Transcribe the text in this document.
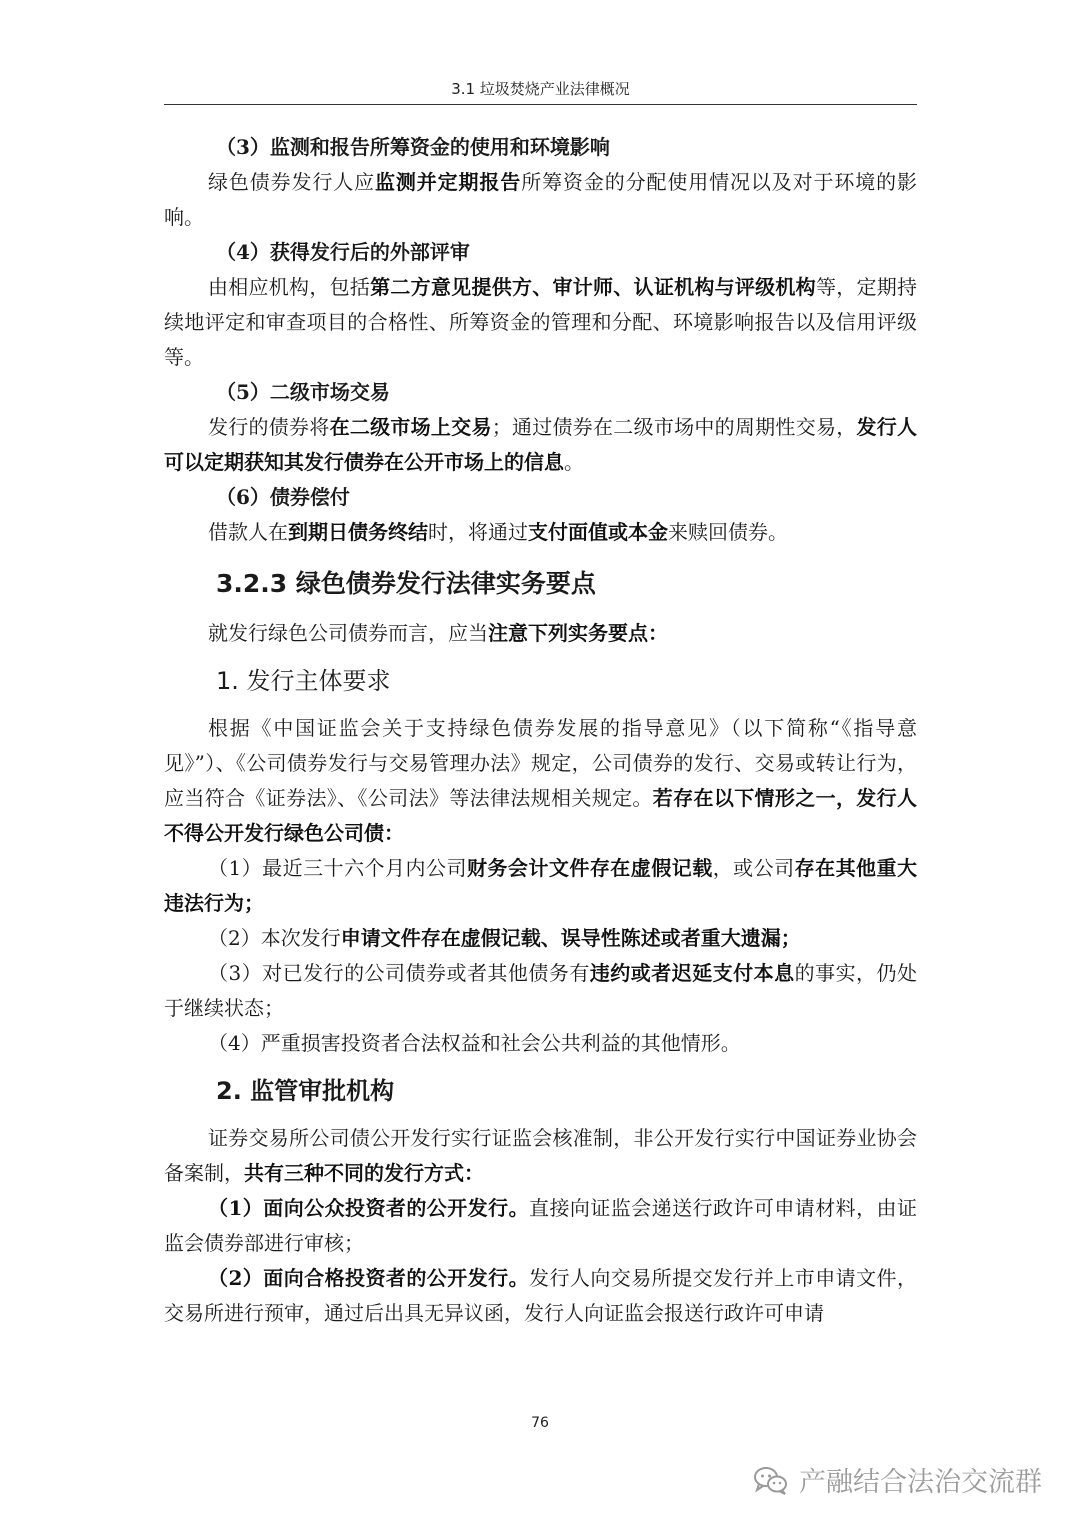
3.1 垃圾焚烧产业法律概况

（3）监测和报告所筹资金的使用和环境影响

绿色债券发行人应监测并定期报告所筹资金的分配使用情况以及对于环境的影响。

（4）获得发行后的外部评审

由相应机构，包括第二方意见提供方、审计师、认证机构与评级机构等，定期持续地评定和审查项目的合格性、所筹资金的管理和分配、环境影响报告以及信用评级等。

（5）二级市场交易

发行的债券将在二级市场上交易；通过债券在二级市场中的周期性交易，发行人可以定期获知其发行债券在公开市场上的信息。

（6）债券偿付

借款人在到期日债务终结时，将通过支付面值或本金来赎回债券。

3.2.3 绿色债券发行法律实务要点

就发行绿色公司债券而言，应当注意下列实务要点：

1. 发行主体要求

根据《中国证监会关于支持绿色债券发展的指导意见》（以下简称“《指导意见》”）、《公司债券发行与交易管理办法》规定，公司债券的发行、交易或转让行为，应当符合《证券法》、《公司法》等法律法规相关规定。若存在以下情形之一，发行人不得公开发行绿色公司债：

（1）最近三十六个月内公司财务会计文件存在虚假记载，或公司存在其他重大违法行为；

（2）本次发行申请文件存在虚假记载、误导性陈述或者重大遗漏；

（3）对已发行的公司债券或者其他债务有违约或者迟延支付本息的事实，仍处于继续状态；

（4）严重损害投资者合法权益和社会公共利益的其他情形。

2. 监管审批机构

证券交易所公司债公开发行实行证监会核准制，非公开发行实行中国证券业协会备案制，共有三种不同的发行方式：

（1）面向公众投资者的公开发行。直接向证监会递送行政许可申请材料，由证监会债券部进行审核；

（2）面向合格投资者的公开发行。发行人向交易所提交发行并上市申请文件，交易所进行预审，通过后出具无异议函，发行人向证监会报送行政许可申请

76
产融结合法治交流群
